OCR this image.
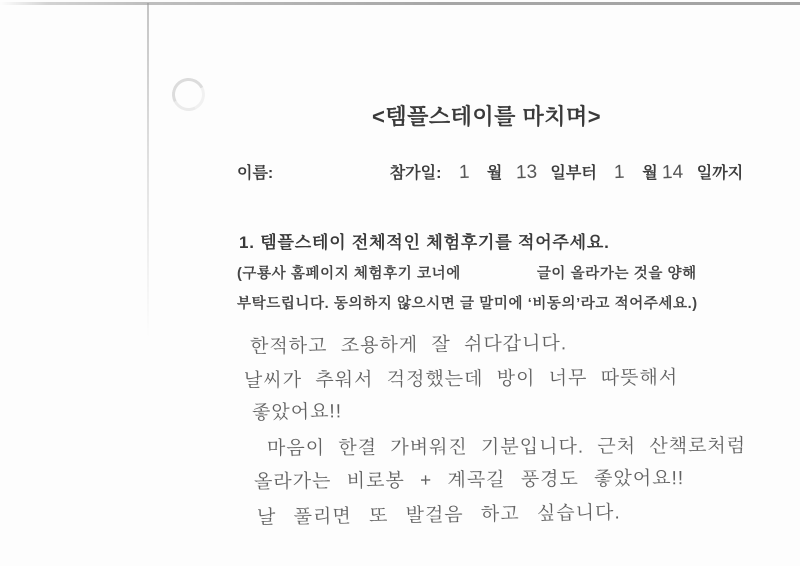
<템플스테이를 마치며>
이름:	참가일: 1 월 13 일부터 1 월 14 일까지
1. 템플스테이 전체적인 체험후기를 적어주세요.
(구룡사 홈페이지 체험후기 코너에	글이 올라가는 것을 양해
부탁드립니다. 동의하지 않으시면 글 말미에 ‘비동의’라고 적어주세요.)
한적하고 조용하게 잘 쉬다갑니다.
날씨가 추워서 걱정했는데 방이 너무 따뜻해서
좋았어요!!
마음이 한결 가벼워진 기분입니다. 근처 산책로처럼
올라가는 비로봉 + 계곡길 풍경도 좋았어요!!
날 풀리면 또 발걸음 하고 싶습니다.
